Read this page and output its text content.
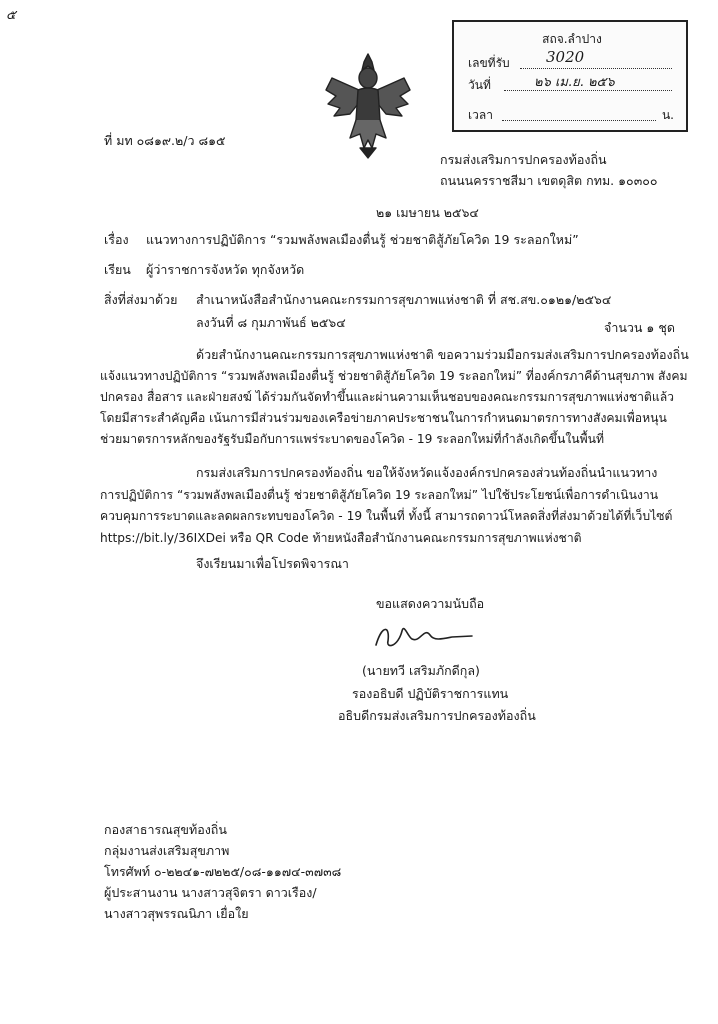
๕
สถจ.ลำปาง
เลขที่รับ	3020
วันที่	๒๖ เม.ย. ๒๕๖
เวลา	น.
ที่ มท ๐๘๑๙.๒/ว ๘๑๕
กรมส่งเสริมการปกครองท้องถิ่น
ถนนนครราชสีมา เขตดุสิต กทม. ๑๐๓๐๐
๒๑ เมษายน ๒๕๖๔
เรื่อง แนวทางการปฏิบัติการ “รวมพลังพลเมืองตื่นรู้ ช่วยชาติสู้ภัยโควิด 19 ระลอกใหม่”
เรียน ผู้ว่าราชการจังหวัด ทุกจังหวัด
สิ่งที่ส่งมาด้วย สำเนาหนังสือสำนักงานคณะกรรมการสุขภาพแห่งชาติ ที่ สช.สข.๐๑๒๑/๒๕๖๔
ลงวันที่ ๘ กุมภาพันธ์ ๒๕๖๔	จำนวน ๑ ชุด
ด้วยสำนักงานคณะกรรมการสุขภาพแห่งชาติ ขอความร่วมมือกรมส่งเสริมการปกครองท้องถิ่น
แจ้งแนวทางปฏิบัติการ “รวมพลังพลเมืองตื่นรู้ ช่วยชาติสู้ภัยโควิด 19 ระลอกใหม่” ที่องค์กรภาคีด้านสุขภาพ สังคม
ปกครอง สื่อสาร และฝ่ายสงฆ์ ได้ร่วมกันจัดทำขึ้นและผ่านความเห็นชอบของคณะกรรมการสุขภาพแห่งชาติแล้ว
โดยมีสาระสำคัญคือ เน้นการมีส่วนร่วมของเครือข่ายภาคประชาชนในการกำหนดมาตรการทางสังคมเพื่อหนุน
ช่วยมาตรการหลักของรัฐรับมือกับการแพร่ระบาดของโควิด - 19 ระลอกใหม่ที่กำลังเกิดขึ้นในพื้นที่
กรมส่งเสริมการปกครองท้องถิ่น ขอให้จังหวัดแจ้งองค์กรปกครองส่วนท้องถิ่นนำแนวทาง
การปฏิบัติการ “รวมพลังพลเมืองตื่นรู้ ช่วยชาติสู้ภัยโควิด 19 ระลอกใหม่” ไปใช้ประโยชน์เพื่อการดำเนินงาน
ควบคุมการระบาดและลดผลกระทบของโควิด - 19 ในพื้นที่ ทั้งนี้ สามารถดาวน์โหลดสิ่งที่ส่งมาด้วยได้ที่เว็บไซต์
https://bit.ly/36IXDei หรือ QR Code ท้ายหนังสือสำนักงานคณะกรรมการสุขภาพแห่งชาติ
จึงเรียนมาเพื่อโปรดพิจารณา
ขอแสดงความนับถือ
(นายทวี เสริมภักดีกุล)
รองอธิบดี ปฏิบัติราชการแทน
อธิบดีกรมส่งเสริมการปกครองท้องถิ่น
กองสาธารณสุขท้องถิ่น
กลุ่มงานส่งเสริมสุขภาพ
โทรศัพท์ ๐-๒๒๔๑-๗๒๒๕/๐๘-๑๑๗๔-๓๗๓๘
ผู้ประสานงาน นางสาวสุจิตรา ดาวเรือง/
นางสาวสุพรรณนิภา เยื่อใย
